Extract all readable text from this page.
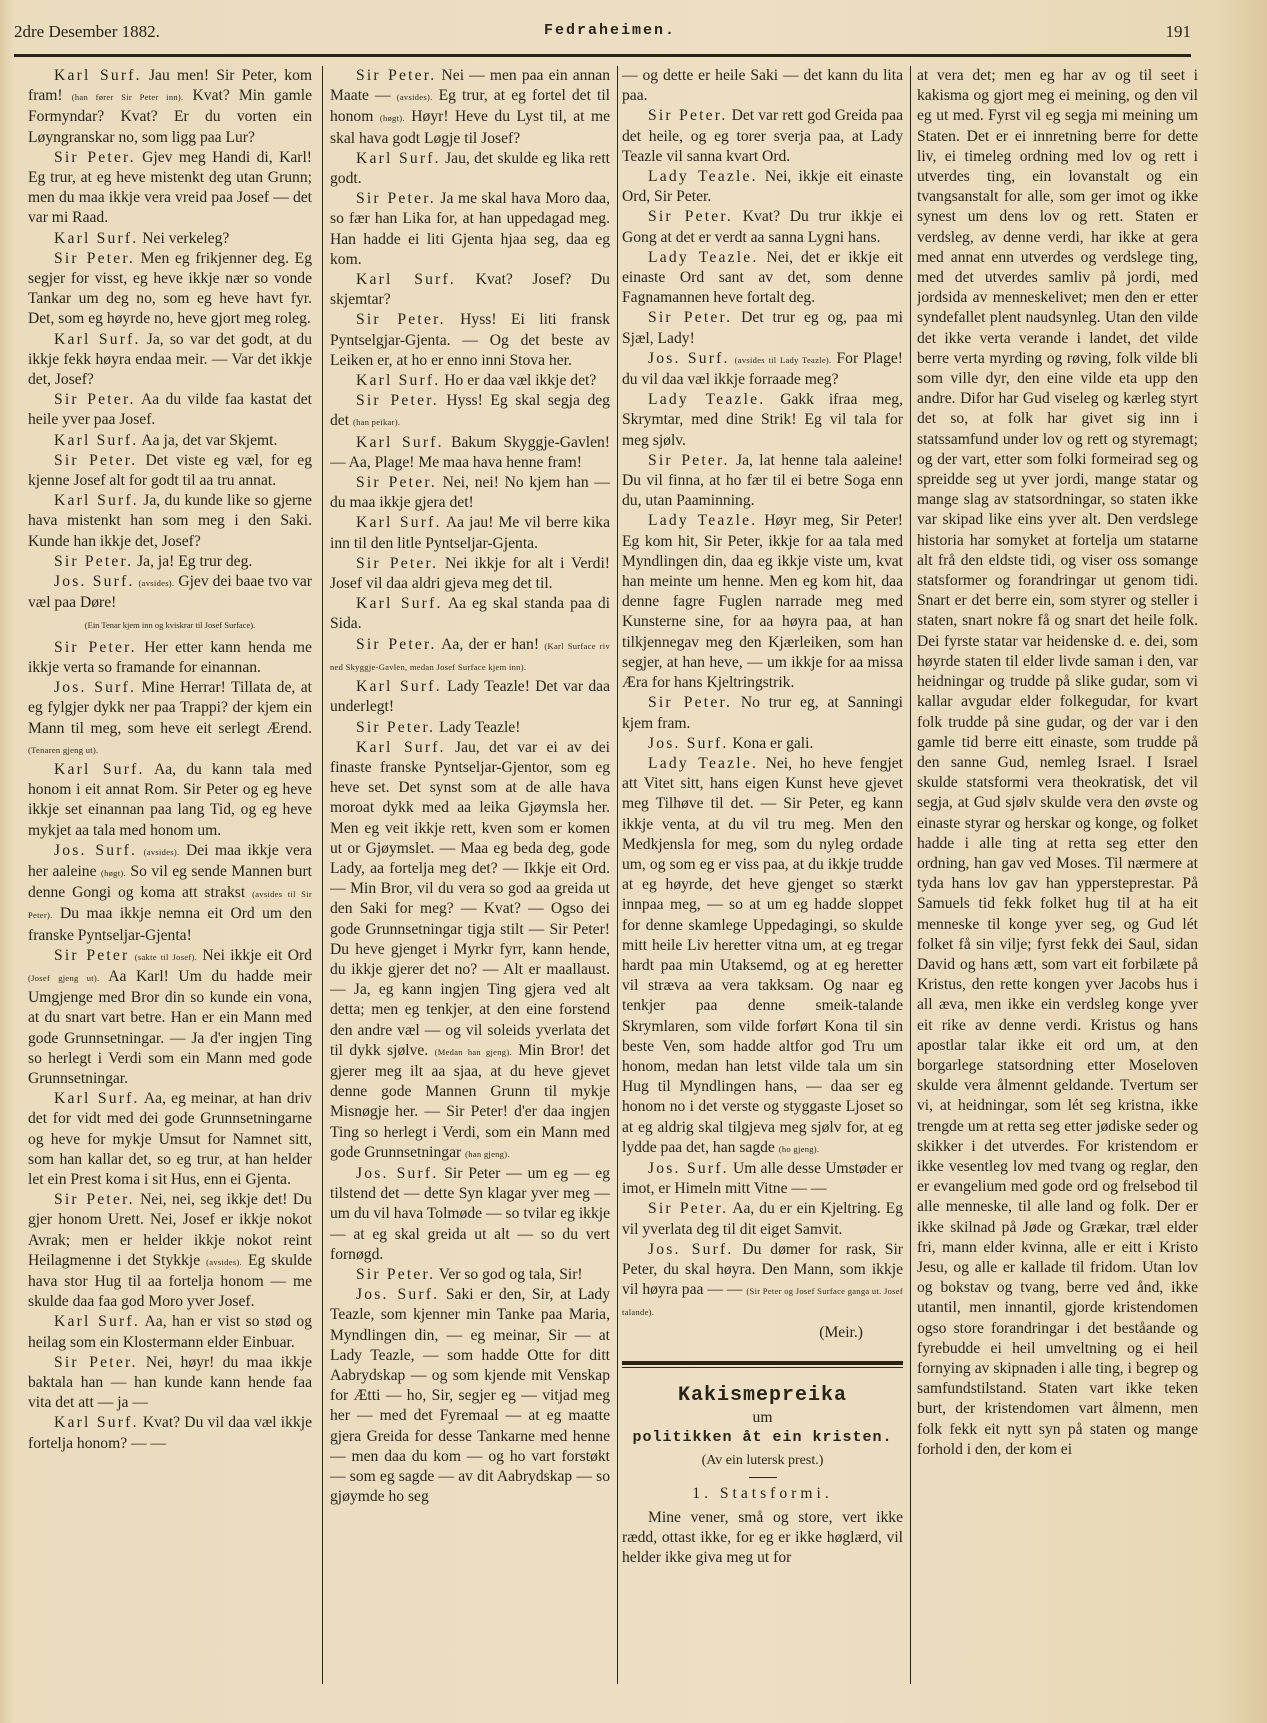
2dre Desember 1882.	Fedraheimen.	191

Karl Surf. Jau men! Sir Peter, kom fram! (han fører Sir Peter inn). Kvat? Min gamle Formyndar? Kvat? Er du vorten ein Løyngranskar no, som ligg paa Lur?

Sir Peter. Gjev meg Handi di, Karl! Eg trur, at eg heve mistenkt deg utan Grunn; men du maa ikkje vera vreid paa Josef — det var mi Raad.

Karl Surf. Nei verkeleg?

Sir Peter. Men eg frikjenner deg. Eg segjer for visst, eg heve ikkje nær so vonde Tankar um deg no, som eg heve havt fyr. Det, som eg høyrde no, heve gjort meg roleg.

Karl Surf. Ja, so var det godt, at du ikkje fekk høyra endaa meir. — Var det ikkje det, Josef?

Sir Peter. Aa du vilde faa kastat det heile yver paa Josef.

Karl Surf. Aa ja, det var Skjemt.

Sir Peter. Det viste eg væl, for eg kjenne Josef alt for godt til aa tru annat.

Karl Surf. Ja, du kunde like so gjerne hava mistenkt han som meg i den Saki. Kunde han ikkje det, Josef?

Sir Peter. Ja, ja! Eg trur deg.

Jos. Surf. (avsides). Gjev dei baae tvo var væl paa Døre!

(Ein Tenar kjem inn og kviskrar til Josef Surface).

Sir Peter. Her etter kann henda me ikkje verta so framande for einannan.

Jos. Surf. Mine Herrar! Tillata de, at eg fylgjer dykk ner paa Trappi? der kjem ein Mann til meg, som heve eit serlegt Ærend. (Tenaren gjeng ut).

Karl Surf. Aa, du kann tala med honom i eit annat Rom. Sir Peter og eg heve ikkje set einannan paa lang Tid, og eg heve mykjet aa tala med honom um.

Jos. Surf. (avsides). Dei maa ikkje vera her aaleine (høgt). So vil eg sende Mannen burt denne Gongi og koma att strakst (avsides til Sir Peter). Du maa ikkje nemna eit Ord um den franske Pyntseljar-Gjenta!

Sir Peter (sakte til Josef). Nei ikkje eit Ord (Josef gjeng ut). Aa Karl! Um du hadde meir Umgjenge med Bror din so kunde ein vona, at du snart vart betre. Han er ein Mann med gode Grunnsetningar. — Ja d'er ingjen Ting so herlegt i Verdi som ein Mann med gode Grunnsetningar.

Karl Surf. Aa, eg meinar, at han driv det for vidt med dei gode Grunnsetningarne og heve for mykje Umsut for Namnet sitt, som han kallar det, so eg trur, at han helder let ein Prest koma i sit Hus, enn ei Gjenta.

Sir Peter. Nei, nei, seg ikkje det! Du gjer honom Urett. Nei, Josef er ikkje nokot Avrak; men er helder ikkje nokot reint Heilagmenne i det Stykkje (avsides). Eg skulde hava stor Hug til aa fortelja honom — me skulde daa faa god Moro yver Josef.

Karl Surf. Aa, han er vist so stød og heilag som ein Klostermann elder Einbuar.

Sir Peter. Nei, høyr! du maa ikkje baktala han — han kunde kann hende faa vita det att — ja —

Karl Surf. Kvat? Du vil daa væl ikkje fortelja honom? — —

Sir Peter. Nei — men paa ein annan Maate — (avsides). Eg trur, at eg fortel det til honom (høgt). Høyr! Heve du Lyst til, at me skal hava godt Løgje til Josef?

Karl Surf. Jau, det skulde eg lika rett godt.

Sir Peter. Ja me skal hava Moro daa, so fær han Lika for, at han uppedagad meg. Han hadde ei liti Gjenta hjaa seg, daa eg kom.

Karl Surf. Kvat? Josef? Du skjemtar?

Sir Peter. Hyss! Ei liti fransk Pyntselgjar-Gjenta. — Og det beste av Leiken er, at ho er enno inni Stova her.

Karl Surf. Ho er daa væl ikkje det?

Sir Peter. Hyss! Eg skal segja deg det (han peikar).

Karl Surf. Bakum Skyggje-Gavlen! — Aa, Plage! Me maa hava henne fram!

Sir Peter. Nei, nei! No kjem han — du maa ikkje gjera det!

Karl Surf. Aa jau! Me vil berre kika inn til den litle Pyntseljar-Gjenta.

Sir Peter. Nei ikkje for alt i Verdi! Josef vil daa aldri gjeva meg det til.

Karl Surf. Aa eg skal standa paa di Sida.

Sir Peter. Aa, der er han! (Karl Surface riv ned Skyggje-Gavlen, medan Josef Surface kjem inn).

Karl Surf. Lady Teazle! Det var daa underlegt!

Sir Peter. Lady Teazle!

Karl Surf. Jau, det var ei av dei finaste franske Pyntseljar-Gjentor, som eg heve set. Det synst som at de alle hava moroat dykk med aa leika Gjøymsla her. Men eg veit ikkje rett, kven som er komen ut or Gjøymslet. — Maa eg beda deg, gode Lady, aa fortelja meg det? — Ikkje eit Ord. — Min Bror, vil du vera so god aa greida ut den Saki for meg? — Kvat? — Ogso dei gode Grunnsetningar tigja stilt — Sir Peter! Du heve gjenget i Myrkr fyrr, kann hende, du ikkje gjerer det no? — Alt er maallaust. — Ja, eg kann ingjen Ting gjera ved alt detta; men eg tenkjer, at den eine forstend den andre væl — og vil soleids yverlata det til dykk sjølve. (Medan han gjeng). Min Bror! det gjerer meg ilt aa sjaa, at du heve gjevet denne gode Mannen Grunn til mykje Misnøgje her. — Sir Peter! d'er daa ingjen Ting so herlegt i Verdi, som ein Mann med gode Grunnsetningar (han gjeng).

Jos. Surf. Sir Peter — um eg — eg tilstend det — dette Syn klagar yver meg — um du vil hava Tolmøde — so tvilar eg ikkje — at eg skal greida ut alt — so du vert fornøgd.

Sir Peter. Ver so god og tala, Sir!

Jos. Surf. Saki er den, Sir, at Lady Teazle, som kjenner min Tanke paa Maria, Myndlingen din, — eg meinar, Sir — at Lady Teazle, — som hadde Otte for ditt Aabrydskap — og som kjende mit Venskap for Ætti — ho, Sir, segjer eg — vitjad meg her — med det Fyremaal — at eg maatte gjera Greida for desse Tankarne med henne — men daa du kom — og ho vart forstøkt — som eg sagde — av dit Aabrydskap — so gjøymde ho seg

— og dette er heile Saki — det kann du lita paa.

Sir Peter. Det var rett god Greida paa det heile, og eg torer sverja paa, at Lady Teazle vil sanna kvart Ord.

Lady Teazle. Nei, ikkje eit einaste Ord, Sir Peter.

Sir Peter. Kvat? Du trur ikkje ei Gong at det er verdt aa sanna Lygni hans.

Lady Teazle. Nei, det er ikkje eit einaste Ord sant av det, som denne Fagnamannen heve fortalt deg.

Sir Peter. Det trur eg og, paa mi Sjæl, Lady!

Jos. Surf. (avsides til Lady Teazle). For Plage! du vil daa væl ikkje forraade meg?

Lady Teazle. Gakk ifraa meg, Skrymtar, med dine Strik! Eg vil tala for meg sjølv.

Sir Peter. Ja, lat henne tala aaleine! Du vil finna, at ho fær til ei betre Soga enn du, utan Paaminning.

Lady Teazle. Høyr meg, Sir Peter! Eg kom hit, Sir Peter, ikkje for aa tala med Myndlingen din, daa eg ikkje viste um, kvat han meinte um henne. Men eg kom hit, daa denne fagre Fuglen narrade meg med Kunsterne sine, for aa høyra paa, at han tilkjennegav meg den Kjærleiken, som han segjer, at han heve, — um ikkje for aa missa Æra for hans Kjeltringstrik.

Sir Peter. No trur eg, at Sanningi kjem fram.

Jos. Surf. Kona er gali.

Lady Teazle. Nei, ho heve fengjet att Vitet sitt, hans eigen Kunst heve gjevet meg Tilhøve til det. — Sir Peter, eg kann ikkje venta, at du vil tru meg. Men den Medkjensla for meg, som du nyleg ordade um, og som eg er viss paa, at du ikkje trudde at eg høyrde, det heve gjenget so stærkt innpaa meg, — so at um eg hadde sloppet for denne skamlege Uppedagingi, so skulde mitt heile Liv heretter vitna um, at eg tregar hardt paa min Utaksemd, og at eg heretter vil stræva aa vera takksam. Og naar eg tenkjer paa denne smeik-talande Skrymlaren, som vilde forført Kona til sin beste Ven, som hadde altfor god Tru um honom, medan han letst vilde tala um sin Hug til Myndlingen hans, — daa ser eg honom no i det verste og styggaste Ljoset so at eg aldrig skal tilgjeva meg sjølv for, at eg lydde paa det, han sagde (ho gjeng).

Jos. Surf. Um alle desse Umstøder er imot, er Himeln mitt Vitne — —

Sir Peter. Aa, du er ein Kjeltring. Eg vil yverlata deg til dit eiget Samvit.

Jos. Surf. Du dømer for rask, Sir Peter, du skal høyra. Den Mann, som ikkje vil høyra paa — — (Sir Peter og Josef Surface ganga ut. Josef talande).

(Meir.)

Kakismepreika

um

politikken åt ein kristen.

(Av ein lutersk prest.)

1. Statsformi.

Mine vener, små og store, vert ikke rædd, ottast ikke, for eg er ikke høglærd, vil helder ikke giva meg ut for

at vera det; men eg har av og til seet i kakisma og gjort meg ei meining, og den vil eg ut med. Fyrst vil eg segja mi meining um Staten. Det er ei innretning berre for dette liv, ei timeleg ordning med lov og rett i utverdes ting, ein lovanstalt og ein tvangsanstalt for alle, som ger imot og ikke synest um dens lov og rett. Staten er verdsleg, av denne verdi, har ikke at gera med annat enn utverdes og verdslege ting, med det utverdes samliv på jordi, med jordsida av menneskelivet; men den er etter syndefallet plent naudsynleg. Utan den vilde det ikke verta verande i landet, det vilde berre verta myrding og røving, folk vilde bli som ville dyr, den eine vilde eta upp den andre. Difor har Gud viseleg og kærleg styrt det so, at folk har givet sig inn i statssamfund under lov og rett og styremagt; og der vart, etter som folki formeirad seg og spreidde seg ut yver jordi, mange statar og mange slag av statsordningar, so staten ikke var skipad like eins yver alt. Den verdslege historia har somyket at fortelja um statarne alt frå den eldste tidi, og viser oss somange statsformer og forandringar ut genom tidi. Snart er det berre ein, som styrer og steller i staten, snart nokre få og snart det heile folk. Dei fyrste statar var heidenske d. e. dei, som høyrde staten til elder livde saman i den, var heidningar og trudde på slike gudar, som vi kallar avgudar elder folkegudar, for kvart folk trudde på sine gudar, og der var i den gamle tid berre eitt einaste, som trudde på den sanne Gud, nemleg Israel. I Israel skulde statsformi vera theokratisk, det vil segja, at Gud sjølv skulde vera den øvste og einaste styrar og herskar og konge, og folket hadde i alle ting at retta seg etter den ordning, han gav ved Moses. Til nærmere at tyda hans lov gav han yppersteprestar. På Samuels tid fekk folket hug til at ha eit menneske til konge yver seg, og Gud lét folket få sin vilje; fyrst fekk dei Saul, sidan David og hans ætt, som vart eit forbilæte på Kristus, den rette kongen yver Jacobs hus i all æva, men ikke ein verdsleg konge yver eit rike av denne verdi. Kristus og hans apostlar talar ikke eit ord um, at den borgarlege statsordning etter Moseloven skulde vera ålmennt geldande. Tvertum ser vi, at heidningar, som lét seg kristna, ikke trengde um at retta seg etter jødiske seder og skikker i det utverdes. For kristendom er ikke vesentleg lov med tvang og reglar, den er evangelium med gode ord og frelsebod til alle menneske, til alle land og folk. Der er ikke skilnad på Jøde og Grækar, træl elder fri, mann elder kvinna, alle er eitt i Kristo Jesu, og alle er kallade til fridom. Utan lov og bokstav og tvang, berre ved ånd, ikke utantil, men innantil, gjorde kristendomen ogso store forandringar i det beståande og fyrebudde ei heil umveltning og ei heil fornying av skipnaden i alle ting, i begrep og samfundstilstand. Staten vart ikke teken burt, der kristendomen vart ålmenn, men folk fekk eit nytt syn på staten og mange forhold i den, der kom ei
